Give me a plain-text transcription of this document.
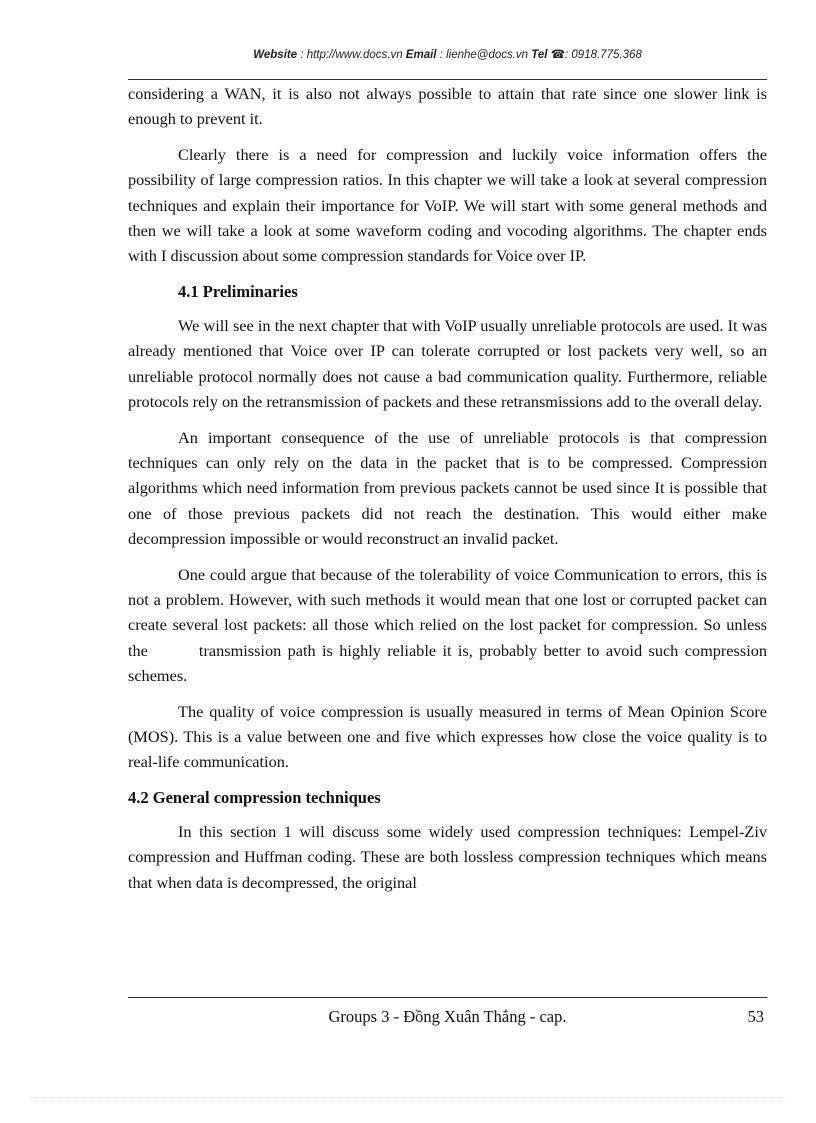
Website : http://www.docs.vn Email : lienhe@docs.vn Tel ☎: 0918.775.368

considering a WAN, it is also not always possible to attain that rate since one slower link is enough to prevent it.

Clearly there is a need for compression and luckily voice information offers the possibility of large compression ratios. In this chapter we will take a look at several compression techniques and explain their importance for VoIP. We will start with some general methods and then we will take a look at some waveform coding and vocoding algorithms. The chapter ends with I discussion about some compression standards for Voice over IP.

4.1 Preliminaries

We will see in the next chapter that with VoIP usually unreliable protocols are used. It was already mentioned that Voice over IP can tolerate corrupted or lost packets very well, so an unreliable protocol normally does not cause a bad communication quality. Furthermore, reliable protocols rely on the retransmission of packets and these retransmissions add to the overall delay.

An important consequence of the use of unreliable protocols is that compression techniques can only rely on the data in the packet that is to be compressed. Compression algorithms which need information from previous packets cannot be used since It is possible that one of those previous packets did not reach the destination. This would either make decompression impossible or would reconstruct an invalid packet.

One could argue that because of the tolerability of voice Communication to errors, this is not a problem. However, with such methods it would mean that one lost or corrupted packet can create several lost packets: all those which relied on the lost packet for compression. So unless the        transmission path is highly reliable it is, probably better to avoid such compression schemes.

The quality of voice compression is usually measured in terms of Mean Opinion Score (MOS). This is a value between one and five which expresses how close the voice quality is to real-life communication.

4.2 General compression techniques

In this section 1 will discuss some widely used compression techniques: Lempel-Ziv compression and Huffman coding. These are both lossless compression techniques which means that when data is decompressed, the original

Groups 3 - Đồng Xuân Thắng - cap.	53
